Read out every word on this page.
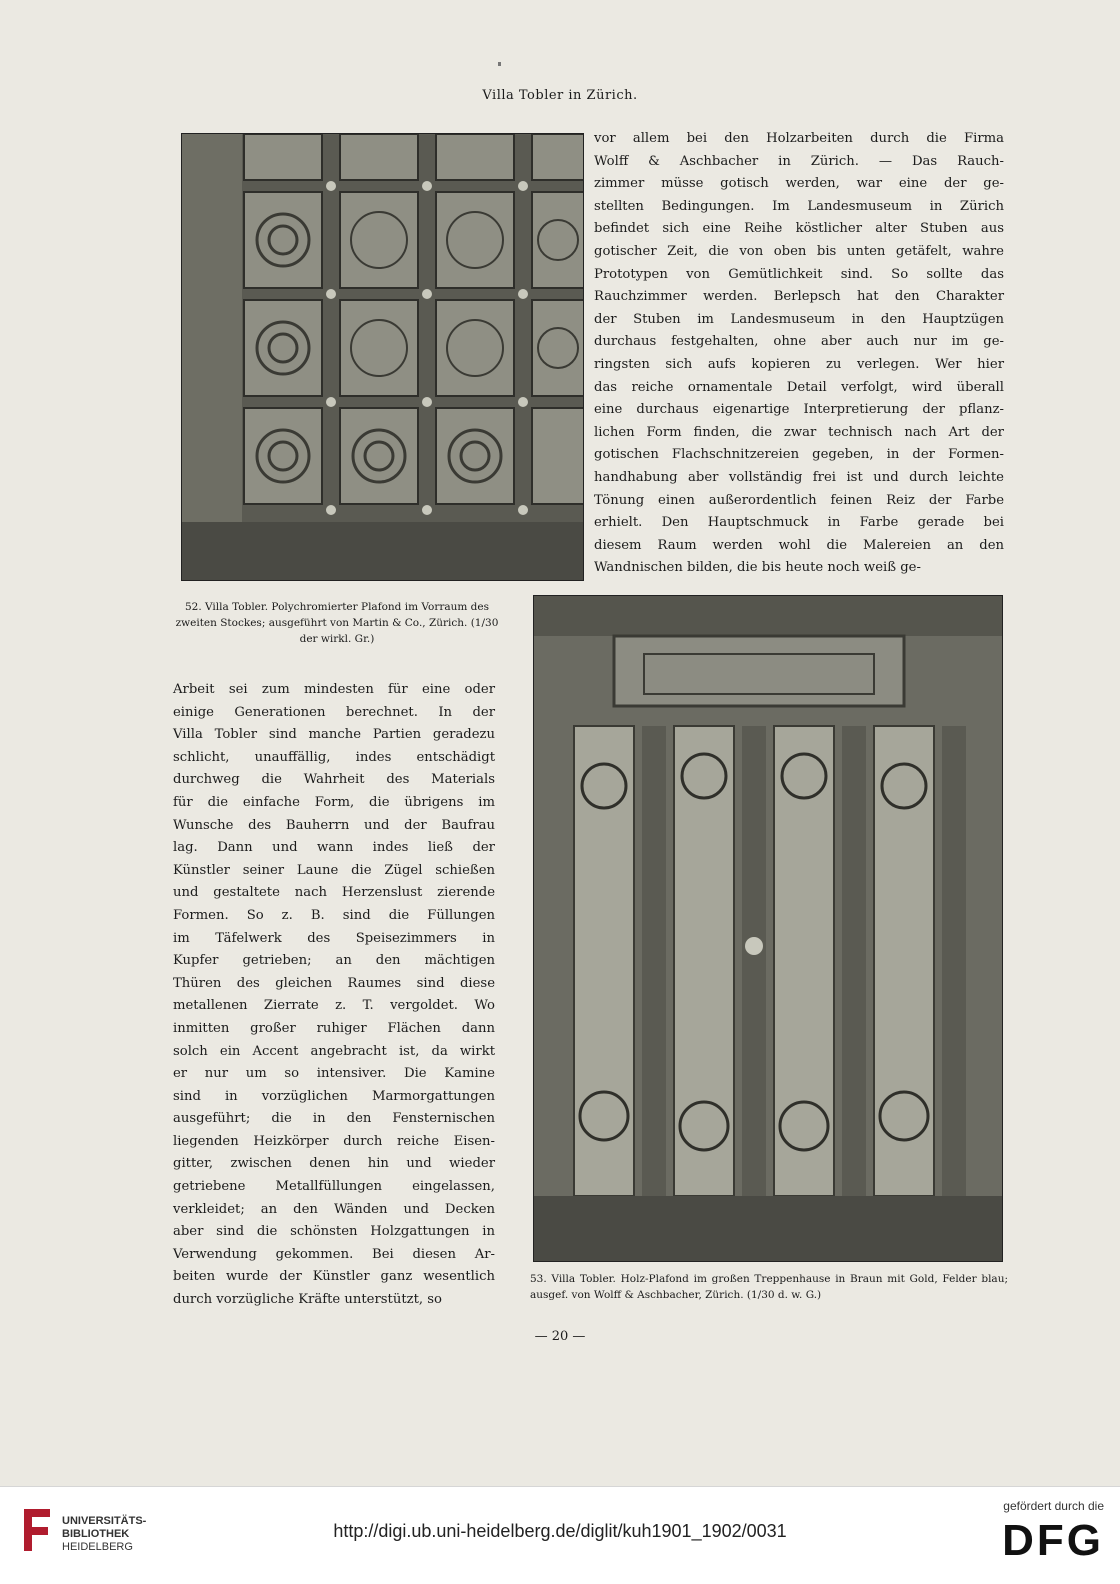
Villa Tobler in Zürich.
52. Villa Tobler. Polychromierter Plafond im Vorraum des zweiten Stockes; ausgeführt von Martin & Co., Zürich. (1/30 der wirkl. Gr.)
53. Villa Tobler. Holz-Plafond im großen Treppenhause in Braun mit Gold, Felder blau; ausgef. von Wolff & Aschbacher, Zürich. (1/30 d. w. G.)

vor allem bei den Holzarbeiten durch die Firma

Wolff & Aschbacher in Zürich. — Das Rauch-

zimmer müsse gotisch werden, war eine der ge-

stellten Bedingungen. Im Landesmuseum in Zürich

befindet sich eine Reihe köstlicher alter Stuben aus

gotischer Zeit, die von oben bis unten getäfelt, wahre

Prototypen von Gemütlichkeit sind. So sollte das

Rauchzimmer werden. Berlepsch hat den Charakter

der Stuben im Landesmuseum in den Hauptzügen

durchaus festgehalten, ohne aber auch nur im ge-

ringsten sich aufs kopieren zu verlegen. Wer hier

das reiche ornamentale Detail verfolgt, wird überall

eine durchaus eigenartige Interpretierung der pflanz-

lichen Form finden, die zwar technisch nach Art der

gotischen Flachschnitzereien gegeben, in der Formen-

handhabung aber vollständig frei ist und durch leichte

Tönung einen außerordentlich feinen Reiz der Farbe

erhielt. Den Hauptschmuck in Farbe gerade bei

diesem Raum werden wohl die Malereien an den

Wandnischen bilden, die bis heute noch weiß ge-

Arbeit sei zum mindesten für eine oder

einige Generationen berechnet. In der

Villa Tobler sind manche Partien geradezu

schlicht, unauffällig, indes entschädigt

durchweg die Wahrheit des Materials

für die einfache Form, die übrigens im

Wunsche des Bauherrn und der Baufrau

lag. Dann und wann indes ließ der

Künstler seiner Laune die Zügel schießen

und gestaltete nach Herzenslust zierende

Formen. So z. B. sind die Füllungen

im Täfelwerk des Speisezimmers in

Kupfer getrieben; an den mächtigen

Thüren des gleichen Raumes sind diese

metallenen Zierrate z. T. vergoldet. Wo

inmitten großer ruhiger Flächen dann

solch ein Accent angebracht ist, da wirkt

er nur um so intensiver. Die Kamine

sind in vorzüglichen Marmorgattungen

ausgeführt; die in den Fensternischen

liegenden Heizkörper durch reiche Eisen-

gitter, zwischen denen hin und wieder

getriebene Metallfüllungen eingelassen,

verkleidet; an den Wänden und Decken

aber sind die schönsten Holzgattungen in

Verwendung gekommen. Bei diesen Ar-

beiten wurde der Künstler ganz wesentlich

durch vorzügliche Kräfte unterstützt, so

— 20 —
UNIVERSITÄTS-
BIBLIOTHEK
HEIDELBERG
http://digi.ub.uni-heidelberg.de/diglit/kuh1901_1902/0031
gefördert durch die
DFG
